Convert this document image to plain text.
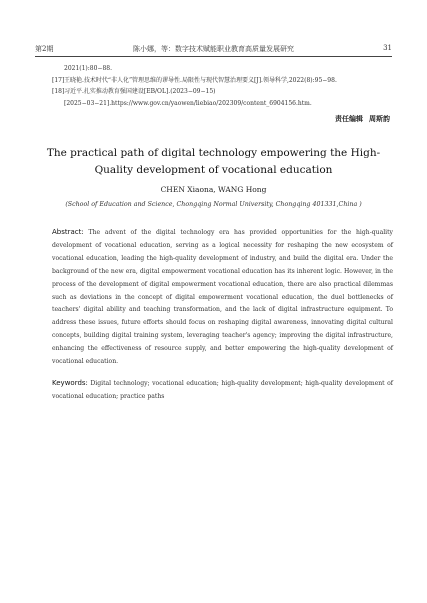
第2期	陈小娜，等：数字技术赋能职业教育高质量发展研究	31
2021(1):80−88.
[17] 王晓艳.技术时代“非人化”管理思维的谬导性.局限性与现代智慧治理要义[J].领导科学,2022(8):95−98.
[18] 习近平.扎实推动教育强国建设[EB/OL].(2023−09−15)[2025−03−21].https://www.gov.cn/yaowen/liebiao/202309/content_6904156.htm.
责任编辑 周斯韵
The practical path of digital technology empowering the High-Quality development of vocational education
CHEN Xiaona, WANG Hong
(School of Education and Science, Chongqing Normal University, Chongqing 401331,China )
Abstract: The advent of the digital technology era has provided opportunities for the high-quality development of vocational education, serving as a logical necessity for reshaping the new ecosystem of vocational education, leading the high-quality development of industry, and build the digital era. Under the background of the new era, digital empowerment vocational education has its inherent logic. However, in the process of the development of digital empowerment vocational education, there are also practical dilemmas such as deviations in the concept of digital empowerment vocational education, the duel bottlenecks of teachers' digital ability and teaching transformation, and the lack of digital infrastructure equipment. To address these issues, future efforts should focus on reshaping digital awareness, innovating digital cultural concepts, building digital training system, leveraging teacher's agency; improving the digital infrastructure, enhancing the effectiveness of resource supply, and better empowering the high-quality development of vocational education.
Keywords: Digital technology; vocational education; high-quality development; high-quality development of vocational education; practice paths
